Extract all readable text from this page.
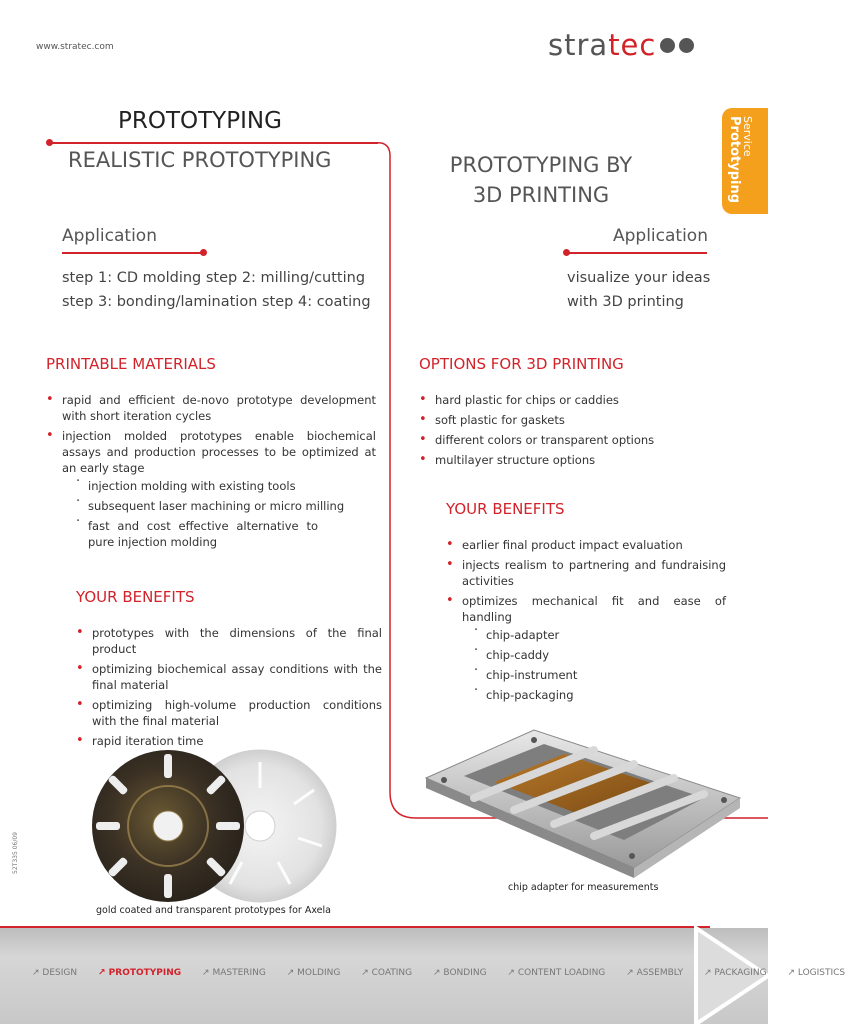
www.stratec.com	stratec
Service
Prototyping
PROTOTYPING
REALISTIC PROTOTYPING
Application
step 1: CD molding step 2: milling/cutting
step 3: bonding/lamination step 4: coating
PRINTABLE MATERIALS
• rapid and efficient de-novo prototype development with short iteration cycles
• injection molded prototypes enable biochemical assays and production processes to be optimized at an early stage
· injection molding with existing tools
· subsequent laser machining or micro milling
· fast and cost effective alternative to pure injection molding
YOUR BENEFITS
• prototypes with the dimensions of the final product
• optimizing biochemical assay conditions with the final material
• optimizing high-volume production conditions with the final material
• rapid iteration time
gold coated and transparent prototypes for Axela
52T335 06/09
PROTOTYPING BY
3D PRINTING
Application
visualize your ideas
with 3D printing
OPTIONS FOR 3D PRINTING
• hard plastic for chips or caddies
• soft plastic for gaskets
• different colors or transparent options
• multilayer structure options
YOUR BENEFITS
• earlier final product impact evaluation
• injects realism to partnering and fundraising activities
• optimizes mechanical fit and ease of handling
· chip-adapter
· chip-caddy
· chip-instrument
· chip-packaging
chip adapter for measurements
↗ DESIGN ↗ PROTOTYPING ↗ MASTERING ↗ MOLDING ↗ COATING ↗ BONDING ↗ CONTENT LOADING ↗ ASSEMBLY ↗ PACKAGING ↗ LOGISTICS
